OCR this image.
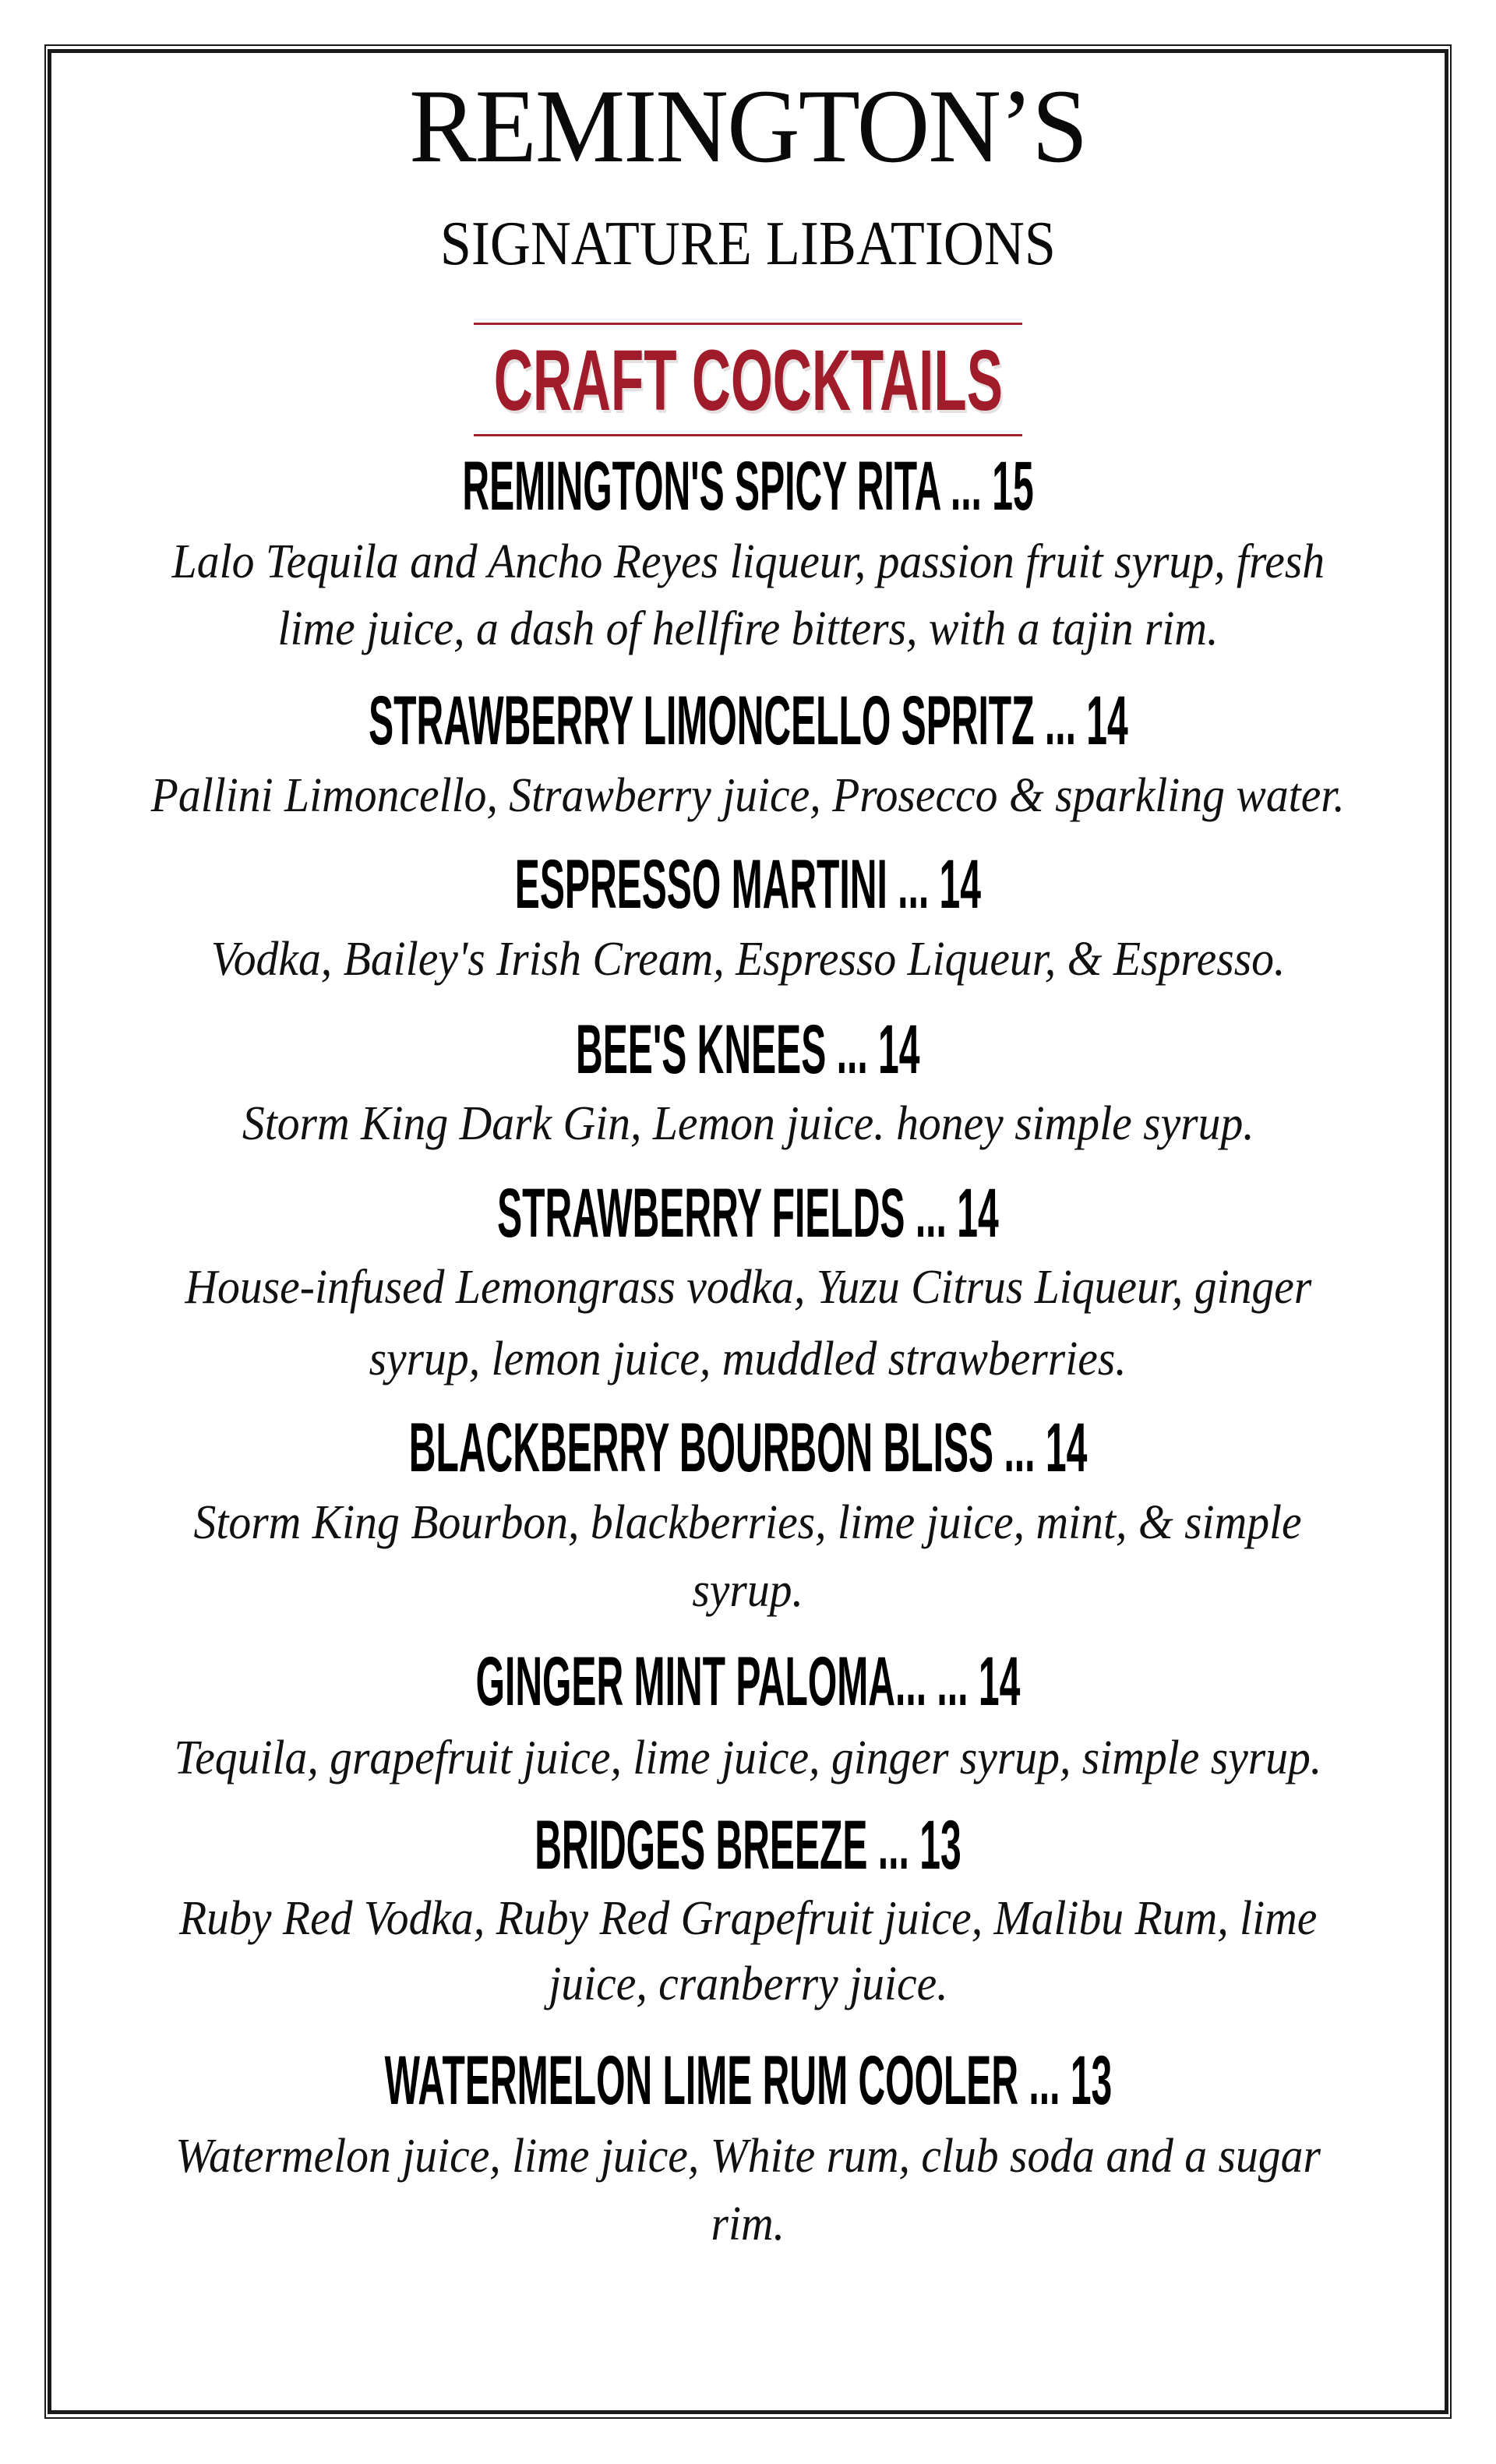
REMINGTON’S
SIGNATURE LIBATIONS
CRAFT COCKTAILS
REMINGTON'S SPICY RITA ... 15
Lalo Tequila and Ancho Reyes liqueur, passion fruit syrup, fresh
lime juice, a dash of hellfire bitters, with a tajin rim.
STRAWBERRY LIMONCELLO SPRITZ ... 14
Pallini Limoncello, Strawberry juice, Prosecco & sparkling water.
ESPRESSO MARTINI ... 14
Vodka, Bailey's Irish Cream, Espresso Liqueur, & Espresso.
BEE'S KNEES ... 14
Storm King Dark Gin, Lemon juice. honey simple syrup.
STRAWBERRY FIELDS ... 14
House-infused Lemongrass vodka, Yuzu Citrus Liqueur, ginger
syrup, lemon juice, muddled strawberries.
BLACKBERRY BOURBON BLISS ... 14
Storm King Bourbon, blackberries, lime juice, mint, & simple
syrup.
GINGER MINT PALOMA... ... 14
Tequila, grapefruit juice, lime juice, ginger syrup, simple syrup.
BRIDGES BREEZE ... 13
Ruby Red Vodka, Ruby Red Grapefruit juice, Malibu Rum, lime
juice, cranberry juice.
WATERMELON LIME RUM COOLER ... 13
Watermelon juice, lime juice, White rum, club soda and a sugar
rim.
